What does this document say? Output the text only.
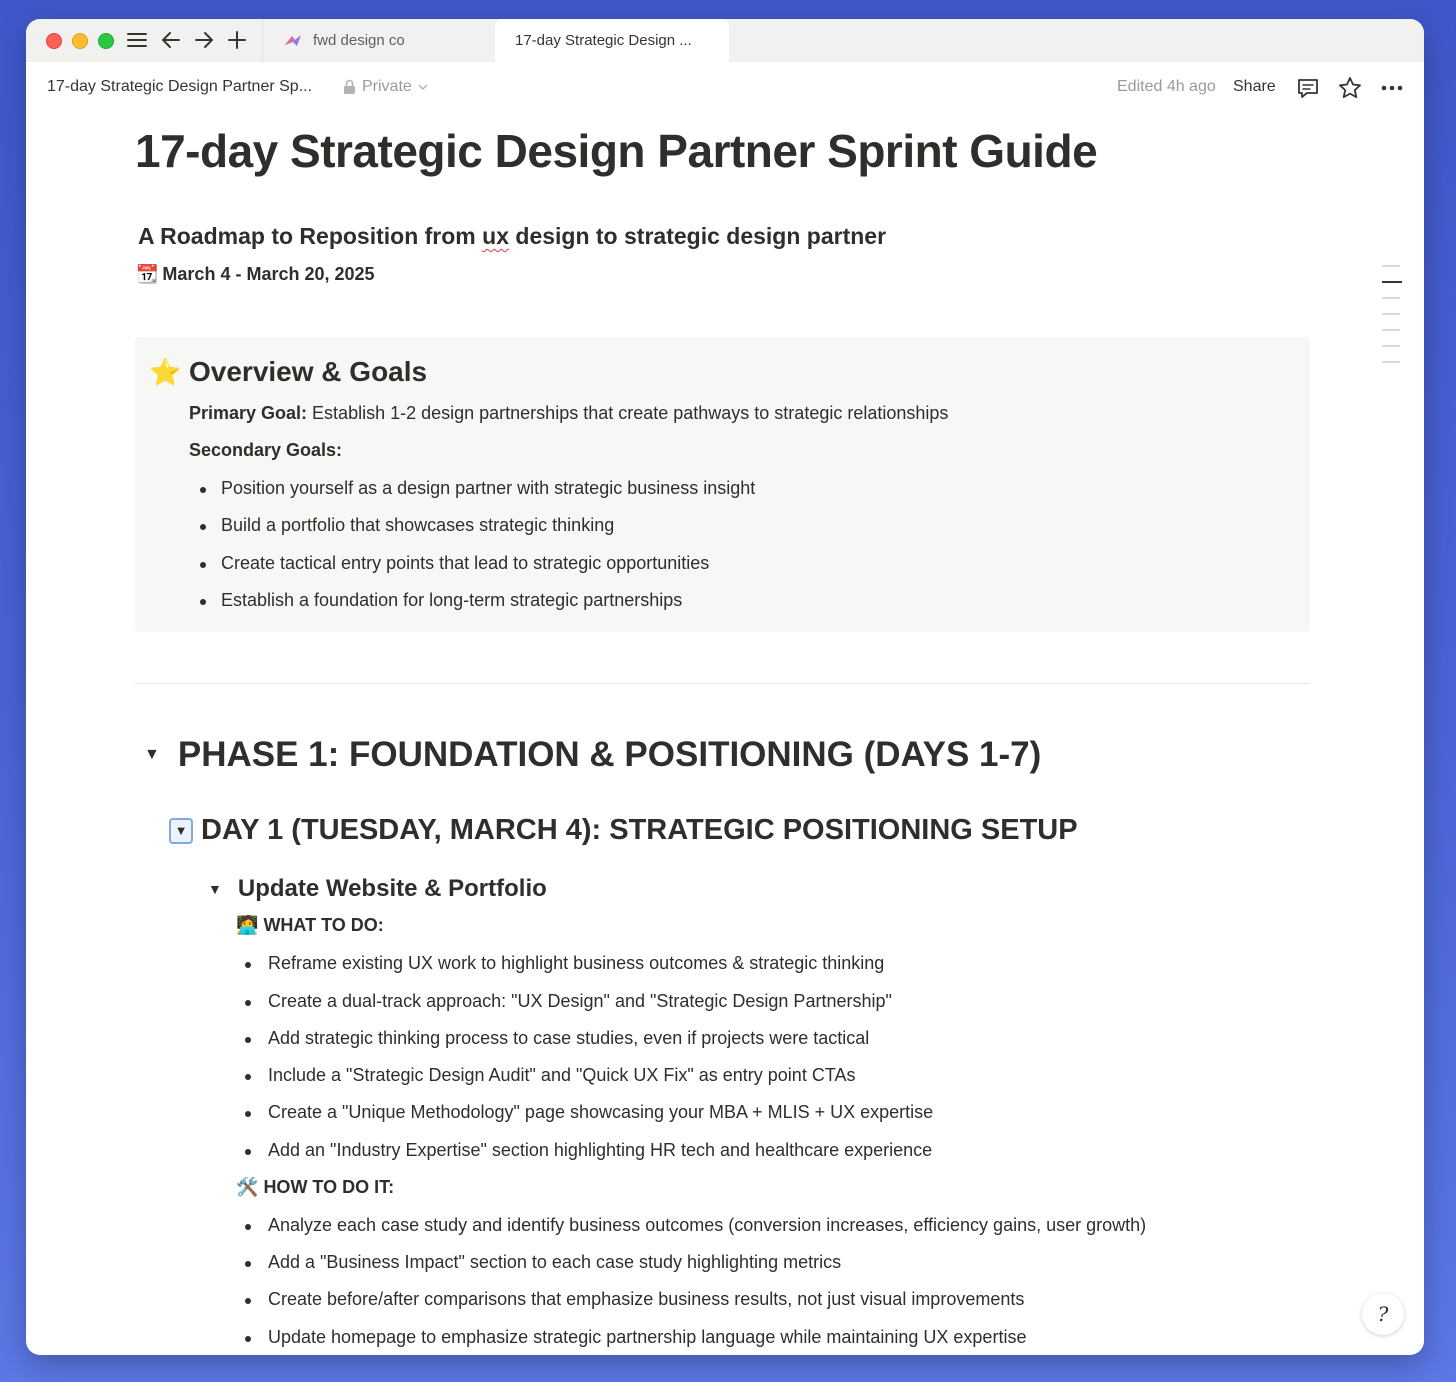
fwd design co	17-day Strategic Design ...
17-day Strategic Design Partner Sp...	Private	Edited 4h ago Share
17-day Strategic Design Partner Sprint Guide
A Roadmap to Reposition from ux design to strategic design partner
📆 March 4 - March 20, 2025
⭐ Overview & Goals
Primary Goal: Establish 1-2 design partnerships that create pathways to strategic relationships
Secondary Goals:
Position yourself as a design partner with strategic business insight
Build a portfolio that showcases strategic thinking
Create tactical entry points that lead to strategic opportunities
Establish a foundation for long-term strategic partnerships
▼ PHASE 1: FOUNDATION & POSITIONING (DAYS 1-7)
▼ DAY 1 (TUESDAY, MARCH 4): STRATEGIC POSITIONING SETUP
▼ Update Website & Portfolio
🧑‍💻 WHAT TO DO:
Reframe existing UX work to highlight business outcomes & strategic thinking
Create a dual-track approach: "UX Design" and "Strategic Design Partnership"
Add strategic thinking process to case studies, even if projects were tactical
Include a "Strategic Design Audit" and "Quick UX Fix" as entry point CTAs
Create a "Unique Methodology" page showcasing your MBA + MLIS + UX expertise
Add an "Industry Expertise" section highlighting HR tech and healthcare experience
🛠️ HOW TO DO IT:
Analyze each case study and identify business outcomes (conversion increases, efficiency gains, user growth)
Add a "Business Impact" section to each case study highlighting metrics
Create before/after comparisons that emphasize business results, not just visual improvements
Update homepage to emphasize strategic partnership language while maintaining UX expertise
?
